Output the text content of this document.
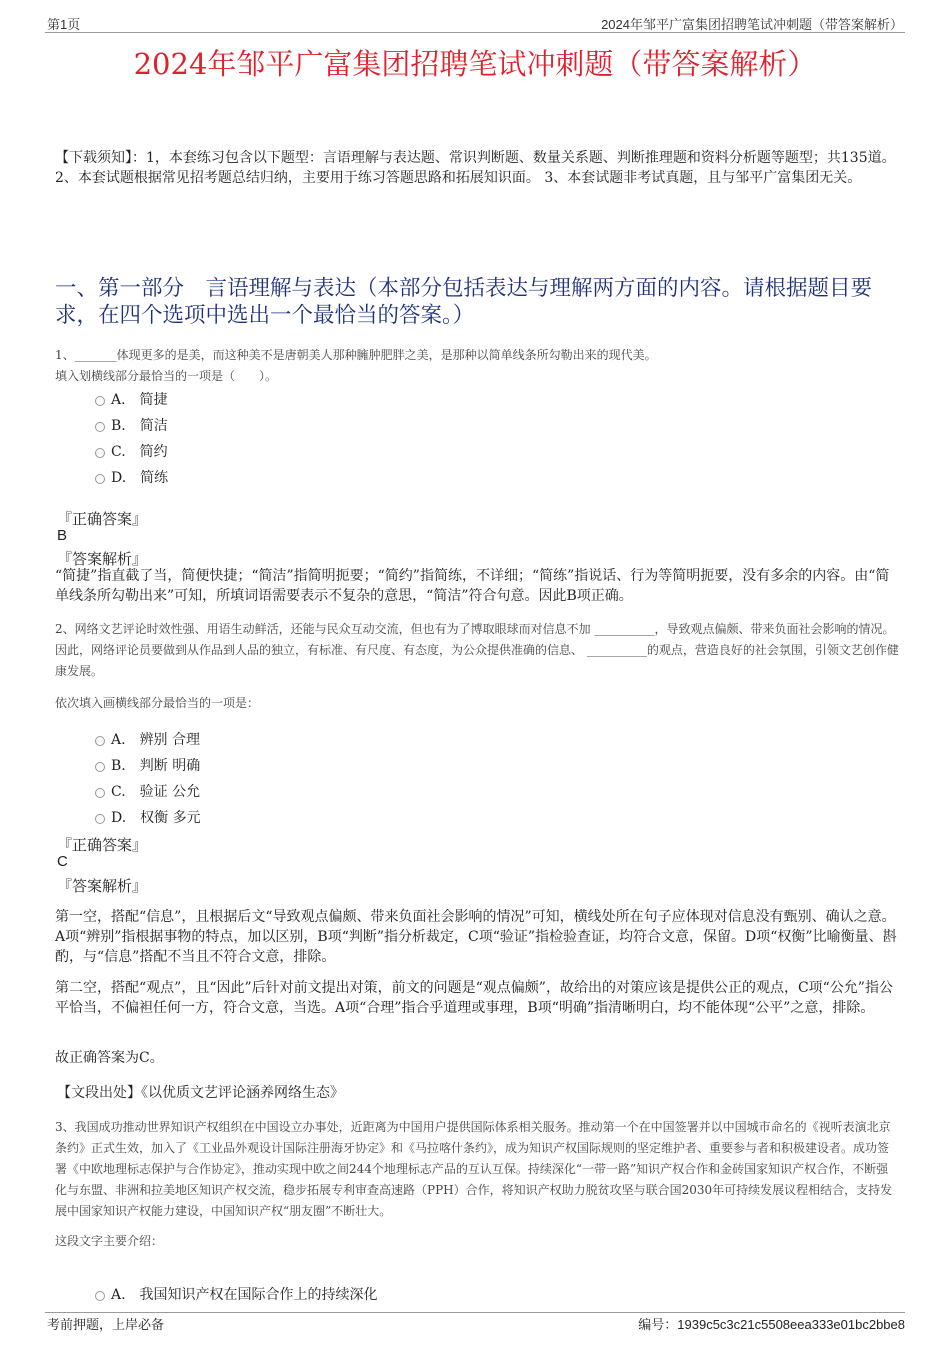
第1页	2024年邹平广富集团招聘笔试冲刺题（带答案解析）
2024年邹平广富集团招聘笔试冲刺题（带答案解析）
【下载须知】：1，本套练习包含以下题型：言语理解与表达题、常识判断题、数量关系题、判断推理题和资料分析题等题型；共135道。2、本套试题根据常见招考题总结归纳，主要用于练习答题思路和拓展知识面。 3、本套试题非考试真题，且与邹平广富集团无关。
一、第一部分　言语理解与表达（本部分包括表达与理解两方面的内容。请根据题目要求，在四个选项中选出一个最恰当的答案。）
1、_______体现更多的是美，而这种美不是唐朝美人那种臃肿肥胖之美，是那种以简单线条所勾勒出来的现代美。
填入划横线部分最恰当的一项是（　　）。
A.　简捷
B.　简洁
C.　简约
D.　简练
『正确答案』
B
『答案解析』
“简捷”指直截了当，简便快捷；“简洁”指简明扼要；“简约”指简练，不详细；“简练”指说话、行为等简明扼要，没有多余的内容。由“简单线条所勾勒出来”可知，所填词语需要表示不复杂的意思，“简洁”符合句意。因此B项正确。
2、网络文艺评论时效性强、用语生动鲜活，还能与民众互动交流，但也有为了博取眼球而对信息不加 __________，导致观点偏颇、带来负面社会影响的情况。因此，网络评论员要做到从作品到人品的独立，有标准、有尺度、有态度，为公众提供准确的信息、 __________的观点，营造良好的社会氛围，引领文艺创作健康发展。
依次填入画横线部分最恰当的一项是：
A.　辨别 合理
B.　判断 明确
C.　验证 公允
D.　权衡 多元
『正确答案』
C
『答案解析』
第一空，搭配“信息”，且根据后文“导致观点偏颇、带来负面社会影响的情况”可知，横线处所在句子应体现对信息没有甄别、确认之意。A项“辨别”指根据事物的特点，加以区别，B项“判断”指分析裁定，C项“验证”指检验查证，均符合文意，保留。D项“权衡”比喻衡量、斟酌，与“信息”搭配不当且不符合文意，排除。
第二空，搭配“观点”，且“因此”后针对前文提出对策，前文的问题是“观点偏颇”，故给出的对策应该是提供公正的观点，C项“公允”指公平恰当，不偏袒任何一方，符合文意，当选。A项“合理”指合乎道理或事理，B项“明确”指清晰明白，均不能体现“公平”之意，排除。
故正确答案为C。
【文段出处】《以优质文艺评论涵养网络生态》
3、我国成功推动世界知识产权组织在中国设立办事处，近距离为中国用户提供国际体系相关服务。推动第一个在中国签署并以中国城市命名的《视听表演北京条约》正式生效，加入了《工业品外观设计国际注册海牙协定》和《马拉喀什条约》，成为知识产权国际规则的坚定维护者、重要参与者和积极建设者。成功签署《中欧地理标志保护与合作协定》，推动实现中欧之间244个地理标志产品的互认互保。持续深化“一带一路”知识产权合作和金砖国家知识产权合作，不断强化与东盟、非洲和拉美地区知识产权交流，稳步拓展专利审查高速路（PPH）合作，将知识产权助力脱贫攻坚与联合国2030年可持续发展议程相结合，支持发展中国家知识产权能力建设，中国知识产权“朋友圈”不断壮大。
这段文字主要介绍：
A.　我国知识产权在国际合作上的持续深化
考前押题，上岸必备	编号：1939c5c3c21c5508eea333e01bc2bbe8
